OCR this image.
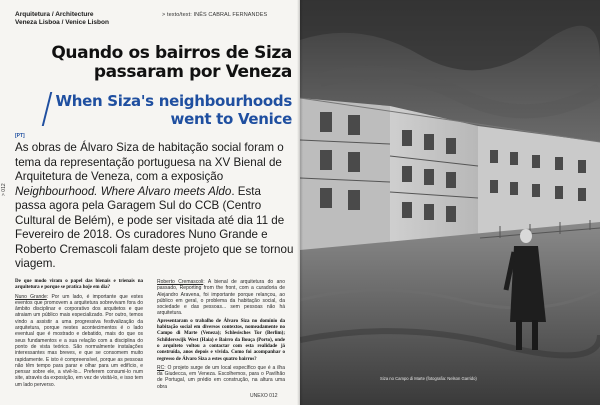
Arquitetura / Architecture
Veneza Lisboa / Venice Lisbon
> texto/text: INÊS CABRAL FERNANDES
Quando os bairros de Siza
passaram por Veneza
When Siza's neighbourhoods
went to Venice
[PT]

As obras de Álvaro Siza de habitação social foram o tema da representação portuguesa na XV Bienal de Arquitetura de Veneza, com a exposição Neighbourhood. Where Alvaro meets Aldo. Esta passa agora pela Garagem Sul do CCB (Centro Cultural de Belém), e pode ser visitada até dia 11 de Fevereiro de 2018. Os curadores Nuno Grande e Roberto Cremascoli falam deste projeto que se tornou viagem.

De que modo viram o papel das bienais e trienais na arquitetura e porque se pratica hoje em dia?

Nuno Grande: Por um lado, é importante que estes eventos que promovem a arquitetura sobrevivam fora do âmbito disciplinar e corporativo dos arquitetos e que atraiam um público mais especializado. Por outro, temos vindo a assistir a uma progressiva festivalização da arquitetura, porque nestes acontecimentos é o lado eventual que é mostrado e debatido, mais do que os seus fundamentos e a sua relação com a disciplina do ponto de vista teórico. São normalmente instalações interessantes mas breves, e que se consomem muito rapidamente. E isto é compreensível, porque as pessoas não têm tempo para parar e olhar para um edifício, e pensar sobre ele, a vivê-lo... Preferem consumi-lo num site, através da exposição, em vez de visitá-lo, e isso tem um lado perverso.

Roberto Cremascoli: A bienal de arquitetura do ano passado, Reporting from the front, com a curadoria de Alejandro Aravena, foi importante porque relançou, ao público em geral, o problema da habitação social, da sociedade e das pessoas... sem pessoas não há arquitetura.

Apresentaram o trabalho de Álvaro Siza no domínio da habitação social em diversos contextos, nomeadamente no Campo di Marte (Veneza); Schlesisches Tor (Berlim); Schilderswijk West (Haia) e Bairro da Bouça (Porto), onde o arquiteto voltou a contactar com esta realidade já construída, anos depois e vivida. Como foi acompanhar o regresso de Álvaro Siza a estes quatro bairros?

RC: O projeto surge de um local específico que é a ilha da Giudecca, em Veneza. Escolhemos, para o Pavilhão de Portugal, um prédio em construção, na altura uma obra

> 012
UNEXO 012
Siza no Campo di Marte (fotografia: Nelson Garrido)
